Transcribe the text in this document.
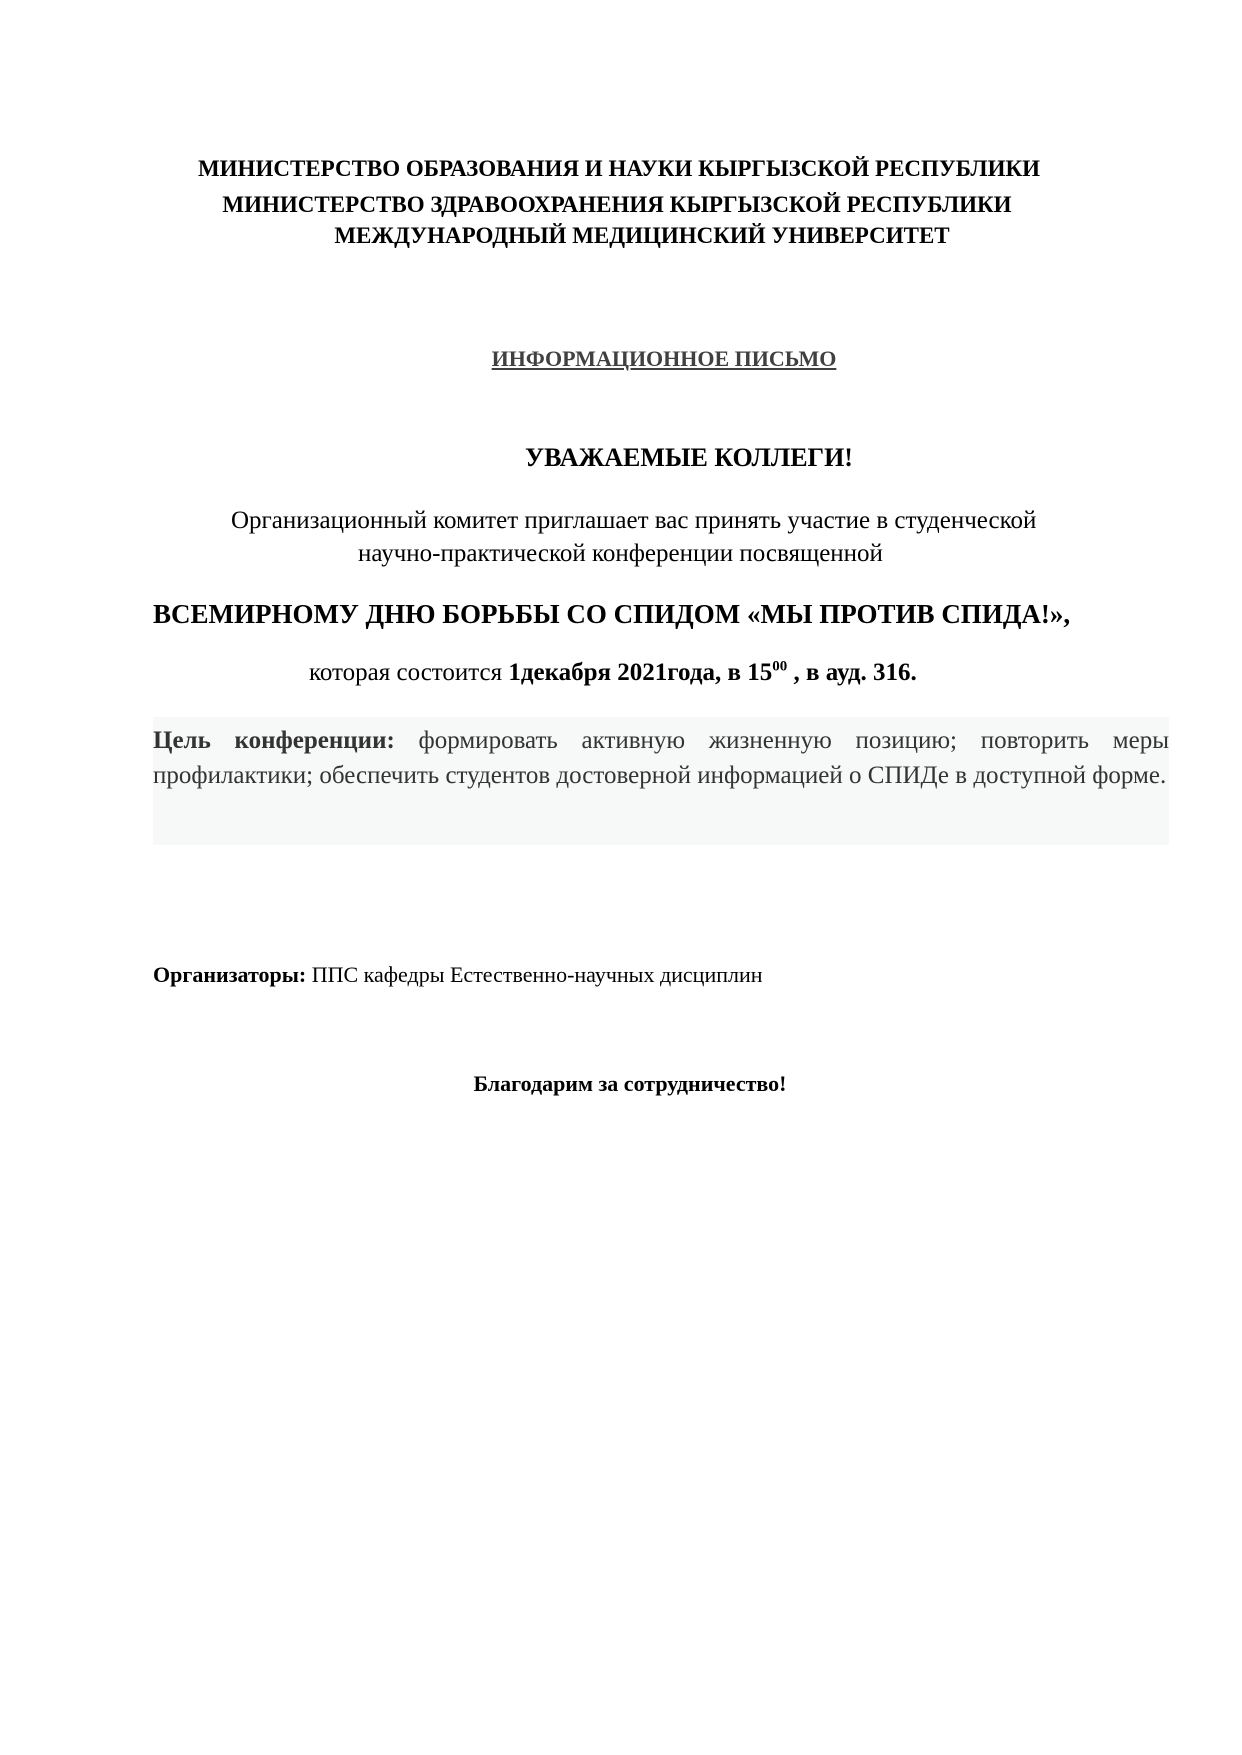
МИНИСТЕРСТВО ОБРАЗОВАНИЯ И НАУКИ КЫРГЫЗСКОЙ РЕСПУБЛИКИ
МИНИСТЕРСТВО ЗДРАВООХРАНЕНИЯ КЫРГЫЗСКОЙ РЕСПУБЛИКИ
МЕЖДУНАРОДНЫЙ МЕДИЦИНСКИЙ УНИВЕРСИТЕТ
ИНФОРМАЦИОННОЕ ПИСЬМО
УВАЖАЕМЫЕ КОЛЛЕГИ!
Организационный комитет приглашает вас принять участие в студенческой
научно-практической конференции посвященной
ВСЕМИРНОМУ ДНЮ БОРЬБЫ СО СПИДОМ «МЫ ПРОТИВ СПИДА!»,
которая состоится 1декабря 2021года, в $15^{00}$ , в ауд. 316.
Цель конференции: формировать активную жизненную позицию; повторить меры профилактики; обеспечить студентов достоверной информацией о СПИДе в доступной форме.
Организаторы: ППС кафедры Естественно-научных дисциплин
Благодарим за сотрудничество!
